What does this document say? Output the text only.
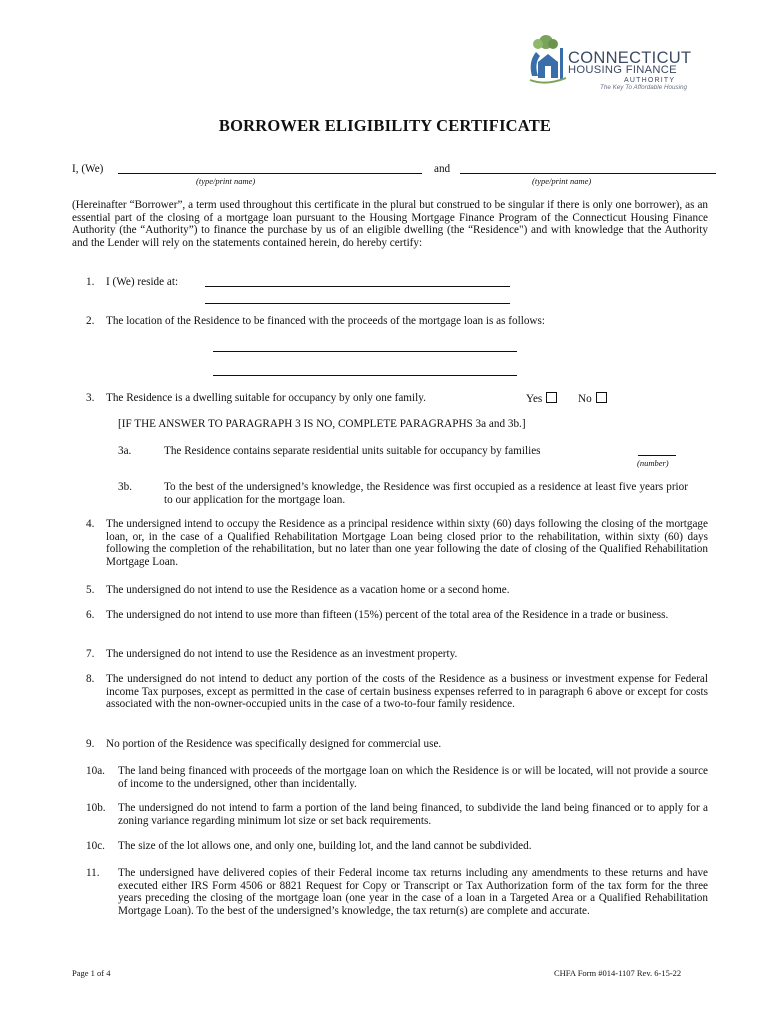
CONNECTICUT
HOUSING FINANCE
AUTHORITY
The Key To Affordable Housing
BORROWER ELIGIBILITY CERTIFICATE
I, (We)
(type/print name)
and
(type/print name)
(Hereinafter “Borrower”, a term used throughout this certificate in the plural but construed to be singular if there is only one borrower), as an essential part of the closing of a mortgage loan pursuant to the Housing Mortgage Finance Program of the Connecticut Housing Finance Authority (the “Authority”) to finance the purchase by us of an eligible dwelling (the “Residence") and with knowledge that the Authority and the Lender will rely on the statements contained herein, do hereby certify:
1. I (We) reside at:
2. The location of the Residence to be financed with the proceeds of the mortgage loan is as follows:
3. The Residence is a dwelling suitable for occupancy by only one family.	Yes	No
[IF THE ANSWER TO PARAGRAPH 3 IS NO, COMPLETE PARAGRAPHS 3a and 3b.]
3a.	The Residence contains separate residential units suitable for occupancy by families
(number)
3b.	To the best of the undersigned’s knowledge, the Residence was first occupied as a residence at least five years prior to our application for the mortgage loan.
4. The undersigned intend to occupy the Residence as a principal residence within sixty (60) days following the closing of the mortgage loan, or, in the case of a Qualified Rehabilitation Mortgage Loan being closed prior to the rehabilitation, within sixty (60) days following the completion of the rehabilitation, but no later than one year following the date of closing of the Qualified Rehabilitation Mortgage Loan.
5. The undersigned do not intend to use the Residence as a vacation home or a second home.
6. The undersigned do not intend to use more than fifteen (15%) percent of the total area of the Residence in a trade or business.
7. The undersigned do not intend to use the Residence as an investment property.
8. The undersigned do not intend to deduct any portion of the costs of the Residence as a business or investment expense for Federal income Tax purposes, except as permitted in the case of certain business expenses referred to in paragraph 6 above or except for costs associated with the non-owner-occupied units in the case of a two-to-four family residence.
9. No portion of the Residence was specifically designed for commercial use.
10a. The land being financed with proceeds of the mortgage loan on which the Residence is or will be located, will not provide a source of income to the undersigned, other than incidentally.
10b. The undersigned do not intend to farm a portion of the land being financed, to subdivide the land being financed or to apply for a zoning variance regarding minimum lot size or set back requirements.
10c. The size of the lot allows one, and only one, building lot, and the land cannot be subdivided.
11. The undersigned have delivered copies of their Federal income tax returns including any amendments to these returns and have executed either IRS Form 4506 or 8821 Request for Copy or Transcript or Tax Authorization form of the tax form for the three years preceding the closing of the mortgage loan (one year in the case of a loan in a Targeted Area or a Qualified Rehabilitation Mortgage Loan). To the best of the undersigned’s knowledge, the tax return(s) are complete and accurate.
Page 1 of 4	CHFA Form #014-1107 Rev. 6-15-22
